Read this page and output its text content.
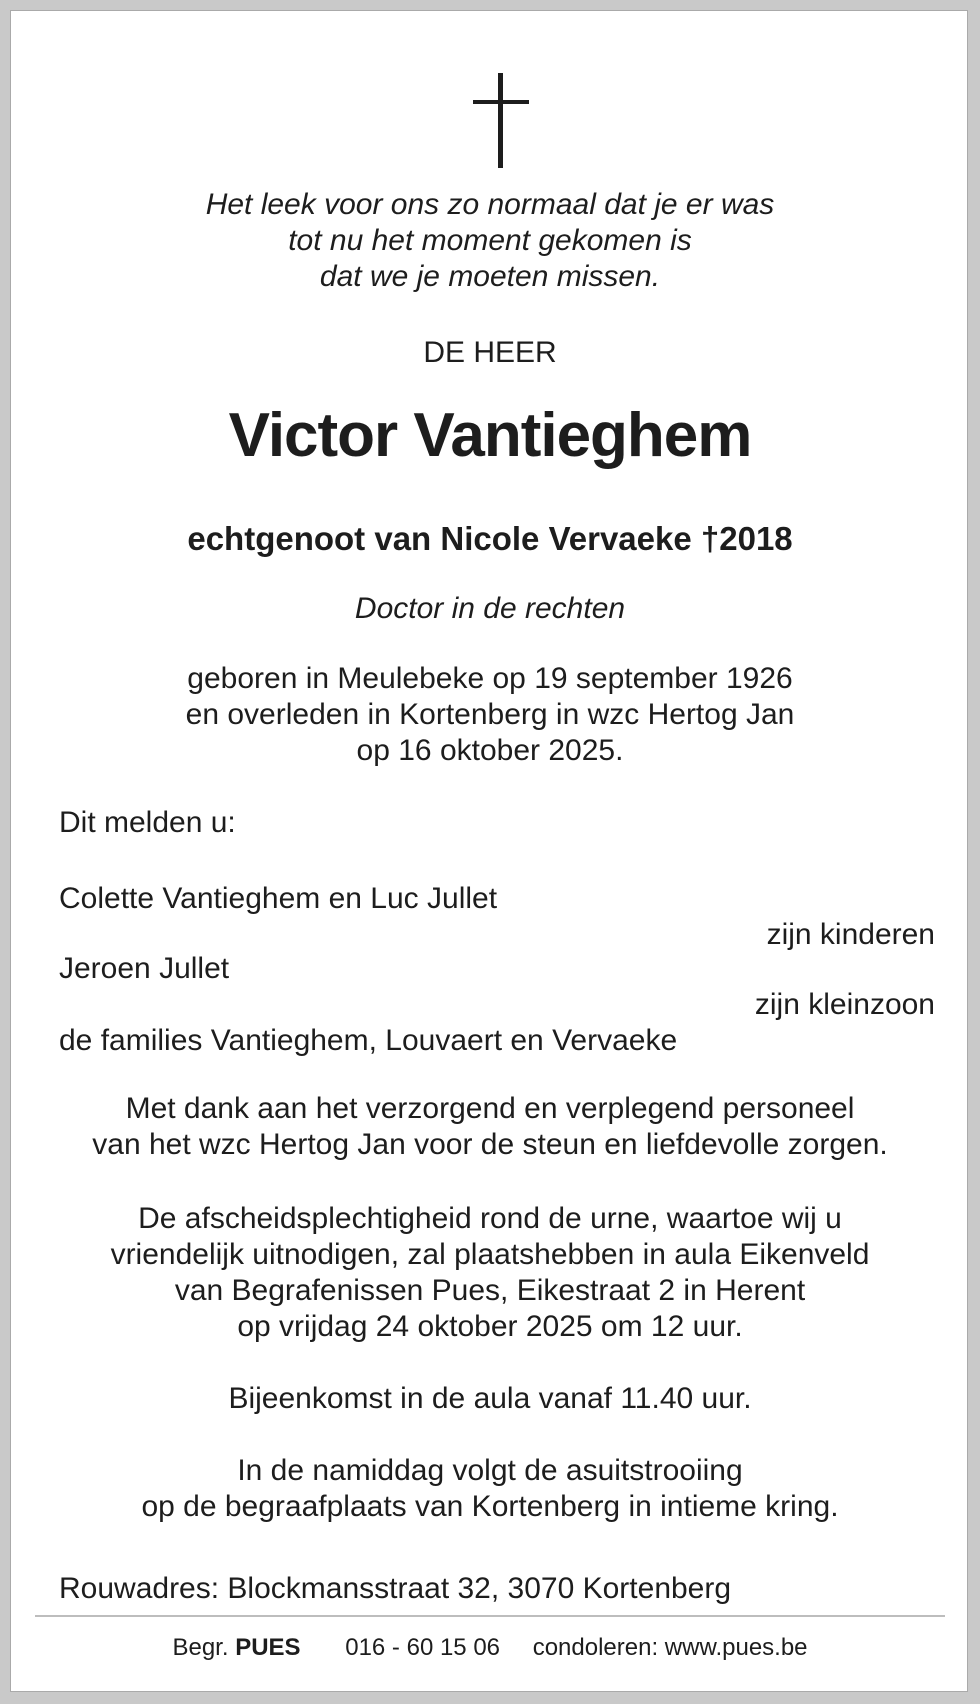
Het leek voor ons zo normaal dat je er was
tot nu het moment gekomen is
dat we je moeten missen.
DE HEER
Victor Vantieghem
echtgenoot van Nicole Vervaeke †2018
Doctor in de rechten
geboren in Meulebeke op 19 september 1926
en overleden in Kortenberg in wzc Hertog Jan
op 16 oktober 2025.
Dit melden u:
Colette Vantieghem en Luc Jullet
zijn kinderen
Jeroen Jullet
zijn kleinzoon
de families Vantieghem, Louvaert en Vervaeke
Met dank aan het verzorgend en verplegend personeel
van het wzc Hertog Jan voor de steun en liefdevolle zorgen.
De afscheidsplechtigheid rond de urne, waartoe wij u
vriendelijk uitnodigen, zal plaatshebben in aula Eikenveld
van Begrafenissen Pues, Eikestraat 2 in Herent
op vrijdag 24 oktober 2025 om 12 uur.
Bijeenkomst in de aula vanaf 11.40 uur.
In de namiddag volgt de asuitstrooiing
op de begraafplaats van Kortenberg in intieme kring.
Rouwadres: Blockmansstraat 32, 3070 Kortenberg
Begr. PUES 016 - 60 15 06 condoleren: www.pues.be
